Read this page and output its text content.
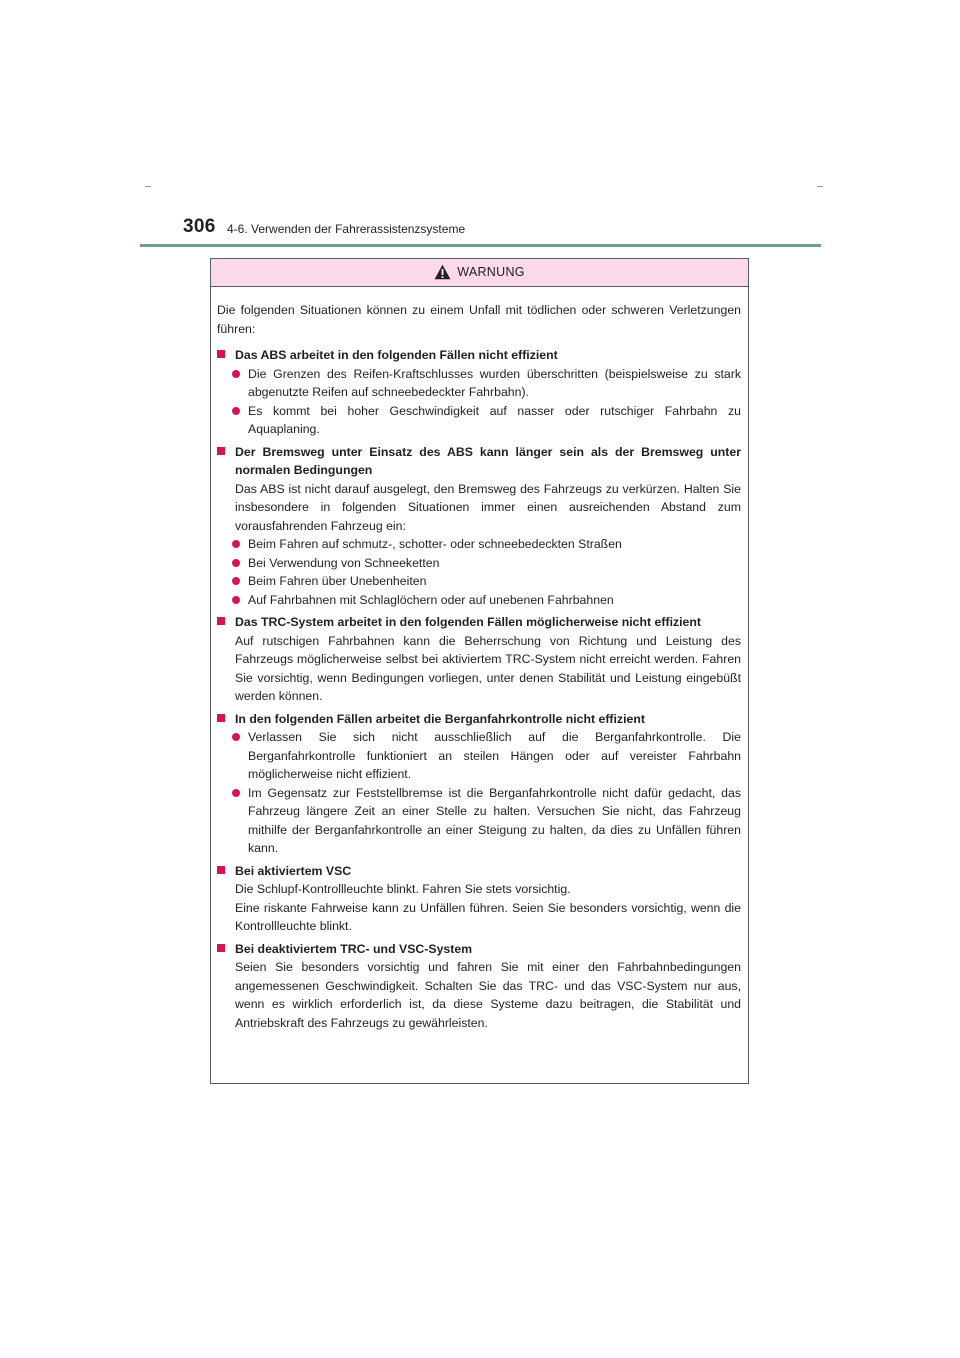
306 4-6. Verwenden der Fahrerassistenzsysteme
WARNUNG

Die folgenden Situationen können zu einem Unfall mit tödlichen oder schweren Verletzungen führen:

Das ABS arbeitet in den folgenden Fällen nicht effizient

Die Grenzen des Reifen-Kraftschlusses wurden überschritten (beispielsweise zu stark abgenutzte Reifen auf schneebedeckter Fahrbahn).

Es kommt bei hoher Geschwindigkeit auf nasser oder rutschiger Fahrbahn zu Aquaplaning.

Der Bremsweg unter Einsatz des ABS kann länger sein als der Bremsweg unter normalen Bedingungen

Das ABS ist nicht darauf ausgelegt, den Bremsweg des Fahrzeugs zu verkürzen. Halten Sie insbesondere in folgenden Situationen immer einen ausreichenden Abstand zum vorausfahrenden Fahrzeug ein:

Beim Fahren auf schmutz-, schotter- oder schneebedeckten Straßen

Bei Verwendung von Schneeketten

Beim Fahren über Unebenheiten

Auf Fahrbahnen mit Schlaglöchern oder auf unebenen Fahrbahnen

Das TRC-System arbeitet in den folgenden Fällen möglicherweise nicht effizient

Auf rutschigen Fahrbahnen kann die Beherrschung von Richtung und Leistung des Fahrzeugs möglicherweise selbst bei aktiviertem TRC-System nicht erreicht werden. Fahren Sie vorsichtig, wenn Bedingungen vorliegen, unter denen Stabilität und Leistung eingebüßt werden können.

In den folgenden Fällen arbeitet die Berganfahrkontrolle nicht effizient

Verlassen Sie sich nicht ausschließlich auf die Berganfahrkontrolle. Die Berganfahrkontrolle funktioniert an steilen Hängen oder auf vereister Fahrbahn möglicherweise nicht effizient.

Im Gegensatz zur Feststellbremse ist die Berganfahrkontrolle nicht dafür gedacht, das Fahrzeug längere Zeit an einer Stelle zu halten. Versuchen Sie nicht, das Fahrzeug mithilfe der Berganfahrkontrolle an einer Steigung zu halten, da dies zu Unfällen führen kann.

Bei aktiviertem VSC

Die Schlupf-Kontrollleuchte blinkt. Fahren Sie stets vorsichtig.

Eine riskante Fahrweise kann zu Unfällen führen. Seien Sie besonders vorsichtig, wenn die Kontrollleuchte blinkt.

Bei deaktiviertem TRC- und VSC-System

Seien Sie besonders vorsichtig und fahren Sie mit einer den Fahrbahnbedingungen angemessenen Geschwindigkeit. Schalten Sie das TRC- und das VSC-System nur aus, wenn es wirklich erforderlich ist, da diese Systeme dazu beitragen, die Stabilität und Antriebskraft des Fahrzeugs zu gewährleisten.
